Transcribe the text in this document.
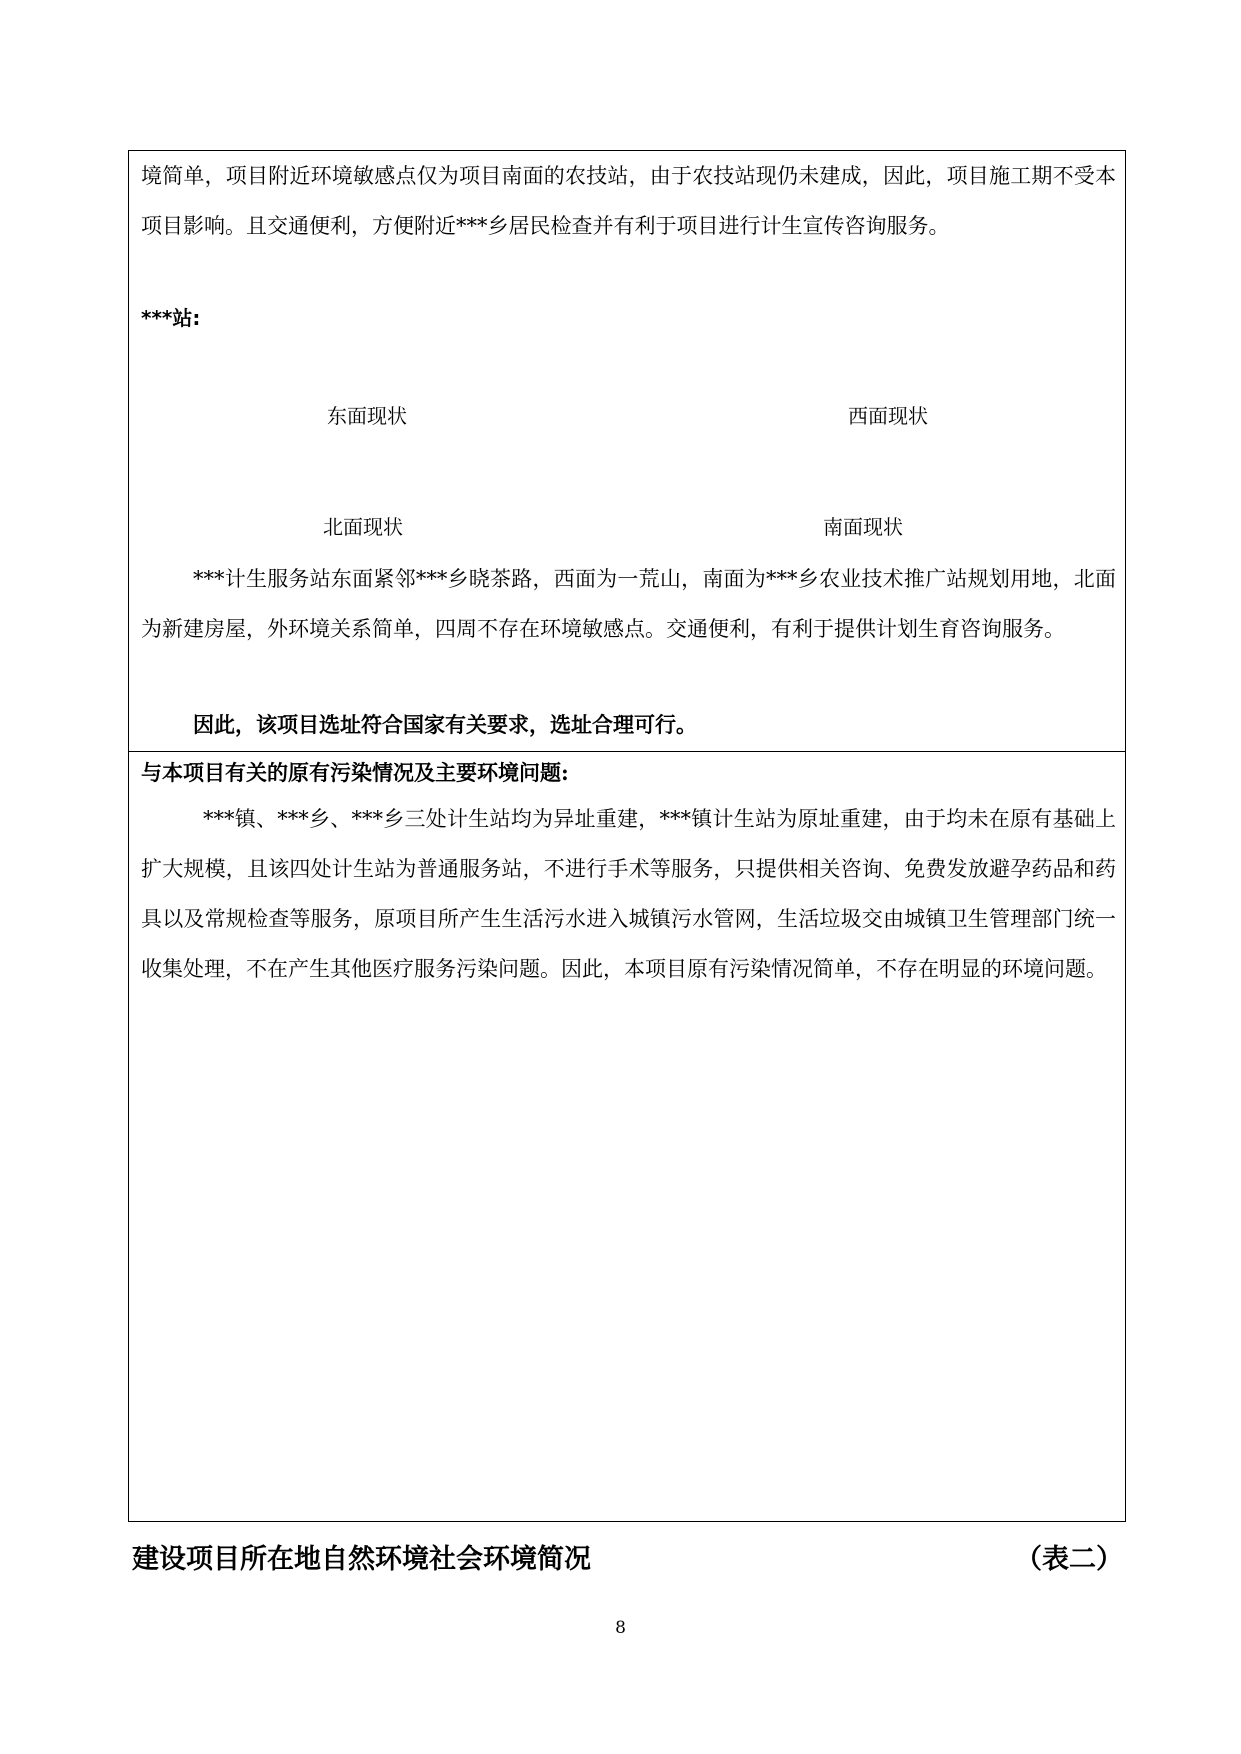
境简单，项目附近环境敏感点仅为项目南面的农技站，由于农技站现仍未建成，因此，项目施工期不受本项目影响。且交通便利，方便附近***乡居民检查并有利于项目进行计生宣传咨询服务。

***站:

东面现状	西面现状
北面现状	南面现状

***计生服务站东面紧邻***乡晓茶路，西面为一荒山，南面为***乡农业技术推广站规划用地，北面为新建房屋，外环境关系简单，四周不存在环境敏感点。交通便利，有利于提供计划生育咨询服务。

因此，该项目选址符合国家有关要求，选址合理可行。

与本项目有关的原有污染情况及主要环境问题:

***镇、***乡、***乡三处计生站均为异址重建，***镇计生站为原址重建，由于均未在原有基础上扩大规模，且该四处计生站为普通服务站，不进行手术等服务，只提供相关咨询、免费发放避孕药品和药具以及常规检查等服务，原项目所产生生活污水进入城镇污水管网，生活垃圾交由城镇卫生管理部门统一收集处理，不在产生其他医疗服务污染问题。因此，本项目原有污染情况简单，不存在明显的环境问题。

建设项目所在地自然环境社会环境简况	（表二）
8
